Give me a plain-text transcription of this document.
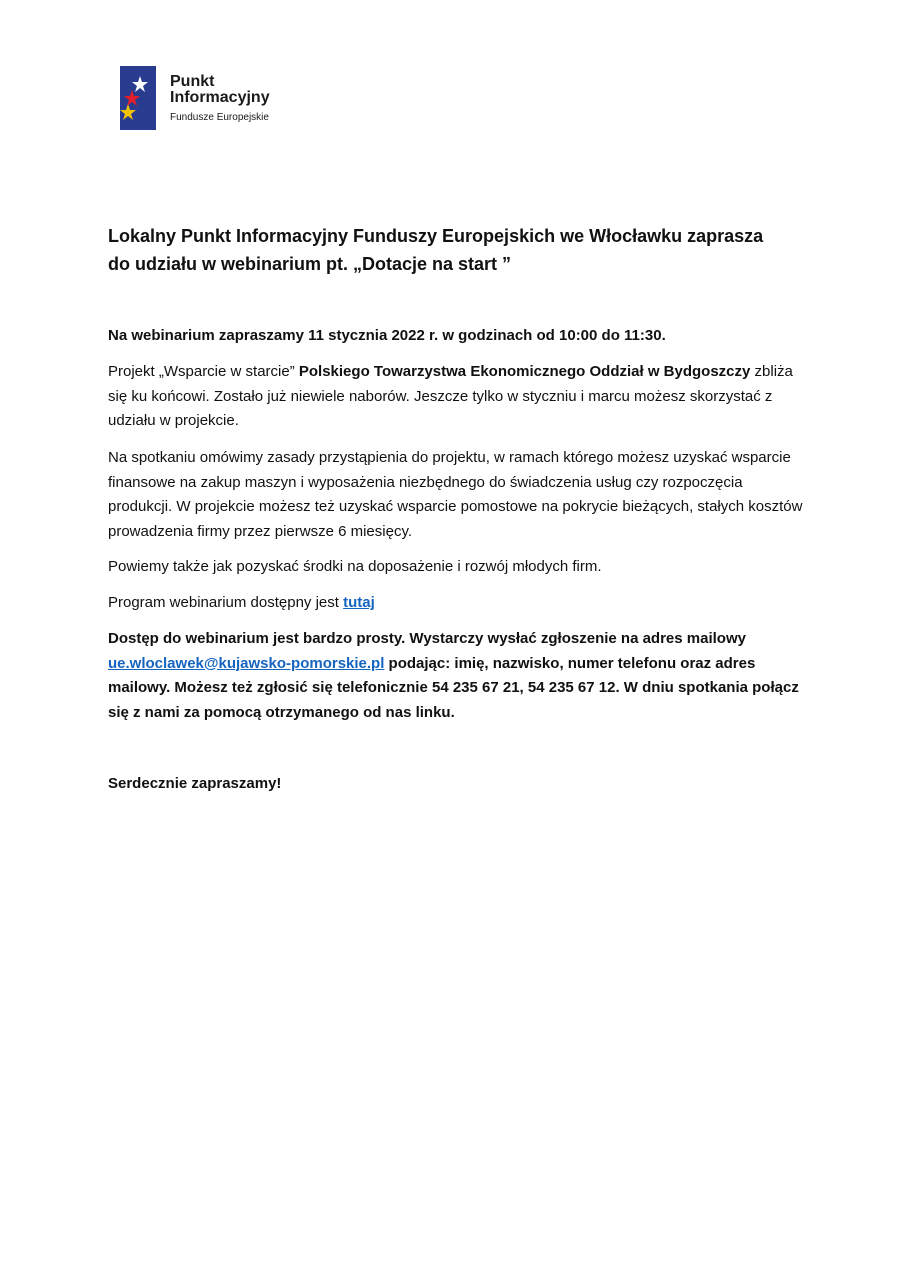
Punkt
Informacyjny
Fundusze Europejskie
Lokalny Punkt Informacyjny Funduszy Europejskich we Włocławku zaprasza
do udziału w webinarium pt. „Dotacje na start ”
Na webinarium zapraszamy 11 stycznia 2022 r. w godzinach od 10:00 do 11:30.
Projekt „Wsparcie w starcie” Polskiego Towarzystwa Ekonomicznego Oddział w Bydgoszczy zbliża się ku końcowi. Zostało już niewiele naborów. Jeszcze tylko w styczniu i marcu możesz skorzystać z udziału w projekcie.
Na spotkaniu omówimy zasady przystąpienia do projektu, w ramach którego możesz uzyskać wsparcie finansowe na zakup maszyn i wyposażenia niezbędnego do świadczenia usług czy rozpoczęcia produkcji. W projekcie możesz też uzyskać wsparcie pomostowe na pokrycie bieżących, stałych kosztów prowadzenia firmy przez pierwsze 6 miesięcy.
Powiemy także jak pozyskać środki na doposażenie i rozwój młodych firm.
Program webinarium dostępny jest tutaj
Dostęp do webinarium jest bardzo prosty. Wystarczy wysłać zgłoszenie na adres mailowy ue.wloclawek@kujawsko-pomorskie.pl podając: imię, nazwisko, numer telefonu oraz adres mailowy. Możesz też zgłosić się telefonicznie 54 235 67 21, 54 235 67 12. W dniu spotkania połącz się z nami za pomocą otrzymanego od nas linku.
Serdecznie zapraszamy!
